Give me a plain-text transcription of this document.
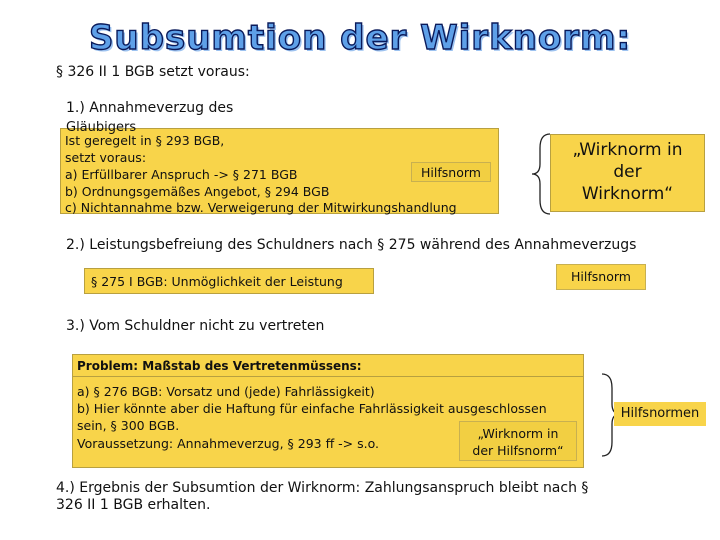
Subsumtion der Wirknorm:
§ 326 II 1 BGB setzt voraus:
1.) Annahmeverzug des
Ist geregelt in § 293 BGB,
setzt voraus:
a) Erfüllbarer Anspruch -> § 271 BGB
b) Ordnungsgemäßes Angebot, § 294 BGB
c) Nichtannahme bzw. Verweigerung der Mitwirkungshandlung
Hilfsnorm
Gläubigers
„Wirknorm in
der
Wirknorm“
2.) Leistungsbefreiung des Schuldners nach § 275 während des Annahmeverzugs
§ 275 I BGB: Unmöglichkeit der Leistung	Hilfsnorm
3.) Vom Schuldner nicht zu vertreten
Problem: Maßstab des Vertretenmüssens:
a) § 276 BGB: Vorsatz und (jede) Fahrlässigkeit)
b) Hier könnte aber die Haftung für einfache Fahrlässigkeit ausgeschlossen
sein, § 300 BGB.
Voraussetzung: Annahmeverzug, § 293 ff -> s.o.
„Wirknorm in
der Hilfsnorm“
Hilfsnormen
4.) Ergebnis der Subsumtion der Wirknorm: Zahlungsanspruch bleibt nach §
326 II 1 BGB erhalten.
